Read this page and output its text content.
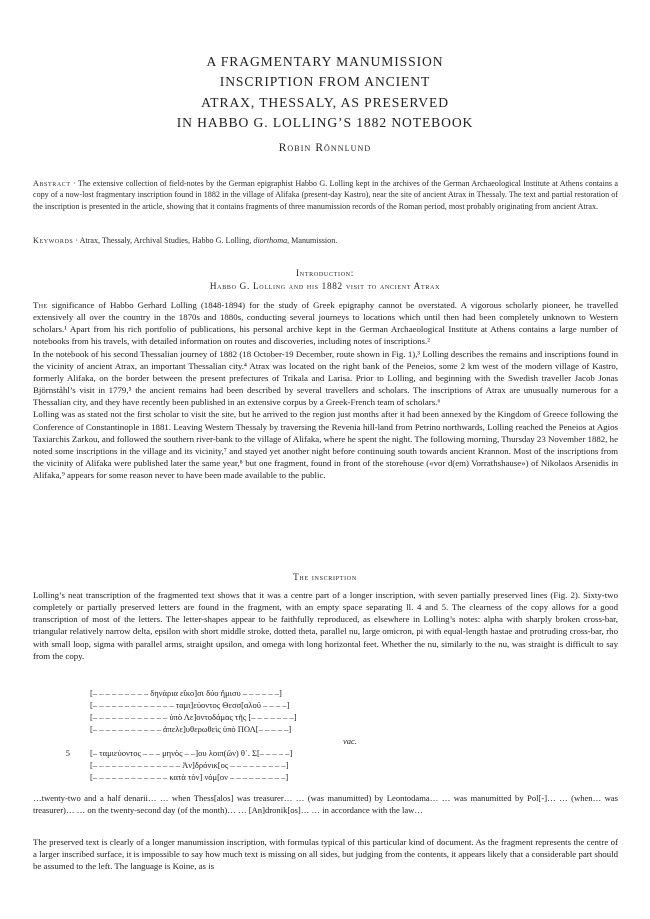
A FRAGMENTARY MANUMISSION
INSCRIPTION FROM ANCIENT
ATRAX, THESSALY, AS PRESERVED
IN HABBO G. LOLLING’S 1882 NOTEBOOK
Robin Rönnlund
Abstract · The extensive collection of field-notes by the German epigraphist Habbo G. Lolling kept in the archives of the German Archaeological Institute at Athens contains a copy of a now-lost fragmentary inscription found in 1882 in the village of Alifaka (present-day Kastro), near the site of ancient Atrax in Thessaly. The text and partial restoration of the inscription is presented in the article, showing that it contains fragments of three manumission records of the Roman period, most probably originating from ancient Atrax.
Keywords · Atrax, Thessaly, Archival Studies, Habbo G. Lolling, diorthoma, Manumission.
Introduction:
Habbo G. Lolling and his 1882 visit to ancient Atrax

The significance of Habbo Gerhard Lolling (1848-1894) for the study of Greek epigraphy cannot be overstated. A vigorous scholarly pioneer, he travelled extensively all over the country in the 1870s and 1880s, conducting several journeys to locations which until then had been completely unknown to Western scholars.¹ Apart from his rich portfolio of publications, his personal archive kept in the German Archaeological Institute at Athens contains a large number of notebooks from his travels, with detailed information on routes and discoveries, including notes of inscriptions.²

In the notebook of his second Thessalian journey of 1882 (18 October-19 December, route shown in Fig. 1),³ Lolling describes the remains and inscriptions found in the vicinity of ancient Atrax, an important Thessalian city.⁴ Atrax was located on the right bank of the Peneios, some 2 km west of the modern village of Kastro, formerly Alifaka, on the border between the present prefectures of Trikala and Larisa. Prior to Lolling, and beginning with the Swedish traveller Jacob Jonas Björnståhl’s visit in 1779,⁵ the ancient remains had been described by several travellers and scholars. The inscriptions of Atrax are unusually numerous for a Thessalian city, and they have recently been published in an extensive corpus by a Greek-French team of scholars.⁶

Lolling was as stated not the first scholar to visit the site, but he arrived to the region just months after it had been annexed by the Kingdom of Greece following the Conference of Constantinople in 1881. Leaving Western Thessaly by traversing the Revenia hill-land from Petrino northwards, Lolling reached the Peneios at Agios Taxiarchis Zarkou, and followed the southern river-bank to the village of Alifaka, where he spent the night. The following morning, Thursday 23 November 1882, he noted some inscriptions in the village and its vicinity,⁷ and stayed yet another night before continuing south towards ancient Krannon. Most of the inscriptions from the vicinity of Alifaka were published later the same year,⁸ but one fragment, found in front of the storehouse («vor d(em) Vorrathshause») of Nikolaos Arsenidis in Alifaka,⁹ appears for some reason never to have been made available to the public.

The inscription

Lolling’s neat transcription of the fragmented text shows that it was a centre part of a longer inscription, with seven partially preserved lines (Fig. 2). Sixty-two completely or partially preserved letters are found in the fragment, with an empty space separating ll. 4 and 5. The clearness of the copy allows for a good transcription of most of the letters. The letter-shapes appear to be faithfully reproduced, as elsewhere in Lolling’s notes: alpha with sharply broken cross-bar, triangular relatively narrow delta, epsilon with short middle stroke, dotted theta, parallel nu, large omicron, pi with equal-length hastae and protruding cross-bar, rho with small loop, sigma with parallel arms, straight upsilon, and omega with long horizontal feet. Whether the nu, similarly to the nu, was straight is difficult to say from the copy.

[– – – – – – – – – δηνάρια εἴκο]σι δύο ἥμισυ – – – – – –]
[– – – – – – – – – – – – – ταμι]εύοντος Θεσσ[αλοῦ – – – –]
[– – – – – – – – – – – – ὑπὸ Λε]οντοδάμας τῆς [– – – – – – –]
[– – – – – – – – – – – ἀπελε]υθερωθεὶς ὑπὸ ΠΟΛ[– – – – –]
vac.
5 [– ταμιεύοντος – – – μηνὸς – –]ου λοιπ(ῶν) θ΄. Σ[– – – – –]
[– – – – – – – – – – – – – – Ἀν]δρόνικ[ος – – – – – – – – –]
[– – – – – – – – – – – – κατὰ τὸν] νόμ[ον – – – – – – – – –]
…twenty-two and a half denarii… … when Thess[alos] was treasurer… … (was manumitted) by Leontodama… … was manumitted by Pol[-]… … (when… was treasurer)… … on the twenty-second day (of the month)… … [An]dronik[os]… … in accordance with the law…
The preserved text is clearly of a longer manumission inscription, with formulas typical of this particular kind of document. As the fragment represents the centre of a larger inscribed surface, it is impossible to say how much text is missing on all sides, but judging from the contents, it appears likely that a considerable part should be assumed to the left. The language is Koine, as is
